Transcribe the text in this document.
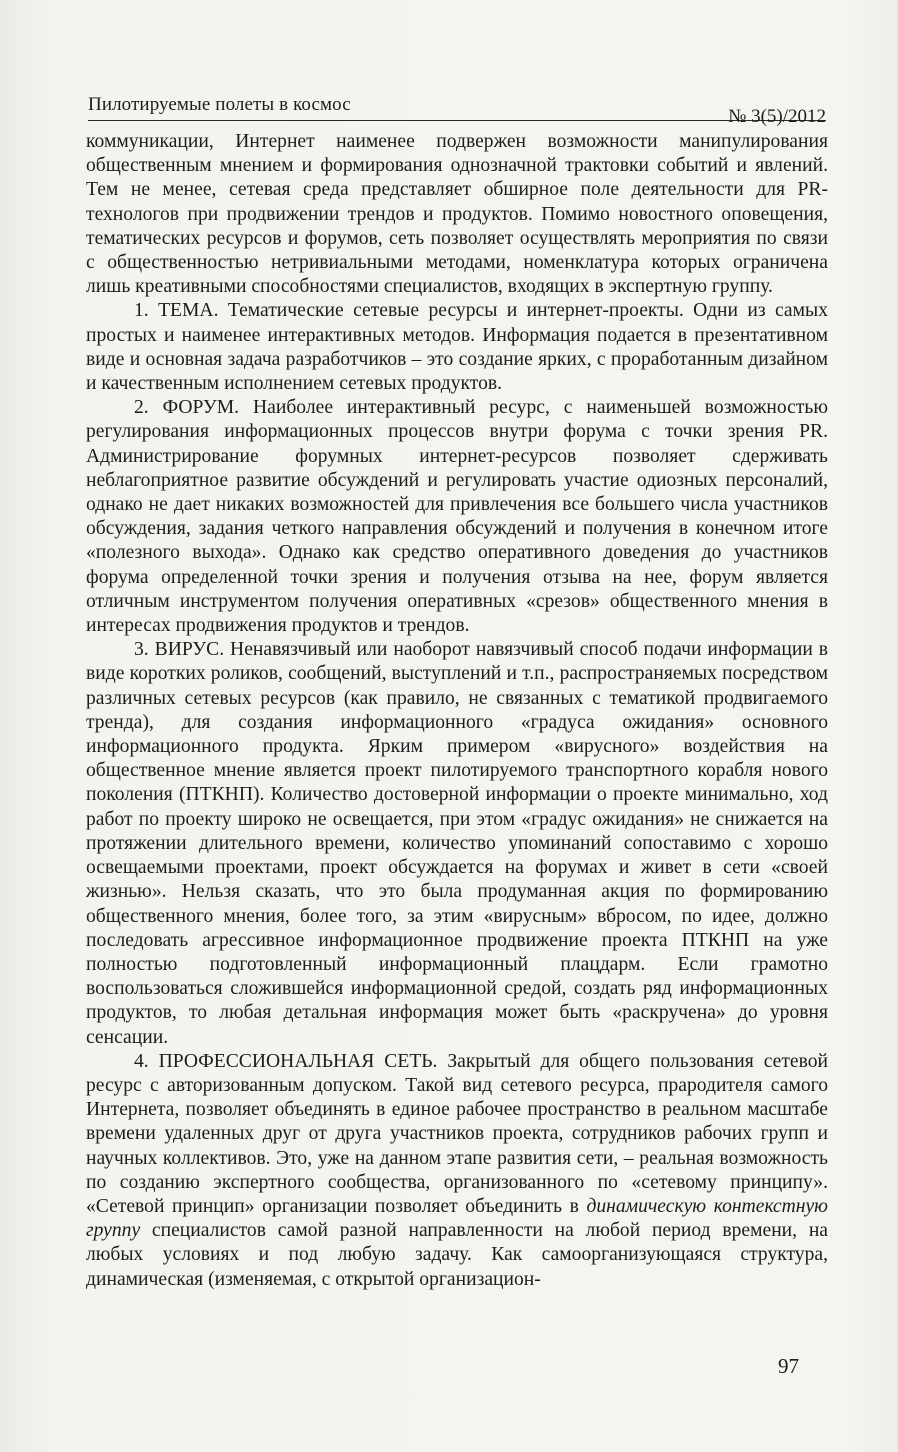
Пилотируемые полеты в космос
№ 3(5)/2012

коммуникации, Интернет наименее подвержен возможности манипулирования общественным мнением и формирования однозначной трактовки событий и явлений. Тем не менее, сетевая среда представляет обширное поле деятельности для PR-технологов при продвижении трендов и продуктов. Помимо новостного оповещения, тематических ресурсов и форумов, сеть позволяет осуществлять мероприятия по связи с общественностью нетривиальными методами, номенклатура которых ограничена лишь креативными способностями специалистов, входящих в экспертную группу.

1. ТЕМА. Тематические сетевые ресурсы и интернет-проекты. Одни из самых простых и наименее интерактивных методов. Информация подается в презентативном виде и основная задача разработчиков – это создание ярких, с проработанным дизайном и качественным исполнением сетевых продуктов.

2. ФОРУМ. Наиболее интерактивный ресурс, с наименьшей возможностью регулирования информационных процессов внутри форума с точки зрения PR. Администрирование форумных интернет-ресурсов позволяет сдерживать неблагоприятное развитие обсуждений и регулировать участие одиозных персоналий, однако не дает никаких возможностей для привлечения все большего числа участников обсуждения, задания четкого направления обсуждений и получения в конечном итоге «полезного выхода». Однако как средство оперативного доведения до участников форума определенной точки зрения и получения отзыва на нее, форум является отличным инструментом получения оперативных «срезов» общественного мнения в интересах продвижения продуктов и трендов.

3. ВИРУС. Ненавязчивый или наоборот навязчивый способ подачи информации в виде коротких роликов, сообщений, выступлений и т.п., распространяемых посредством различных сетевых ресурсов (как правило, не связанных с тематикой продвигаемого тренда), для создания информационного «градуса ожидания» основного информационного продукта. Ярким примером «вирусного» воздействия на общественное мнение является проект пилотируемого транспортного корабля нового поколения (ПТКНП). Количество достоверной информации о проекте минимально, ход работ по проекту широко не освещается, при этом «градус ожидания» не снижается на протяжении длительного времени, количество упоминаний сопоставимо с хорошо освещаемыми проектами, проект обсуждается на форумах и живет в сети «своей жизнью». Нельзя сказать, что это была продуманная акция по формированию общественного мнения, более того, за этим «вирусным» вбросом, по идее, должно последовать агрессивное информационное продвижение проекта ПТКНП на уже полностью подготовленный информационный плацдарм. Если грамотно воспользоваться сложившейся информационной средой, создать ряд информационных продуктов, то любая детальная информация может быть «раскручена» до уровня сенсации.

4. ПРОФЕССИОНАЛЬНАЯ СЕТЬ. Закрытый для общего пользования сетевой ресурс с авторизованным допуском. Такой вид сетевого ресурса, прародителя самого Интернета, позволяет объединять в единое рабочее пространство в реальном масштабе времени удаленных друг от друга участников проекта, сотрудников рабочих групп и научных коллективов. Это, уже на данном этапе развития сети, – реальная возможность по созданию экспертного сообщества, организованного по «сетевому принципу». «Сетевой принцип» организации позволяет объединить в динамическую контекстную группу специалистов самой разной направленности на любой период времени, на любых условиях и под любую задачу. Как самоорганизующаяся структура, динамическая (изменяемая, с открытой организацион-

97
